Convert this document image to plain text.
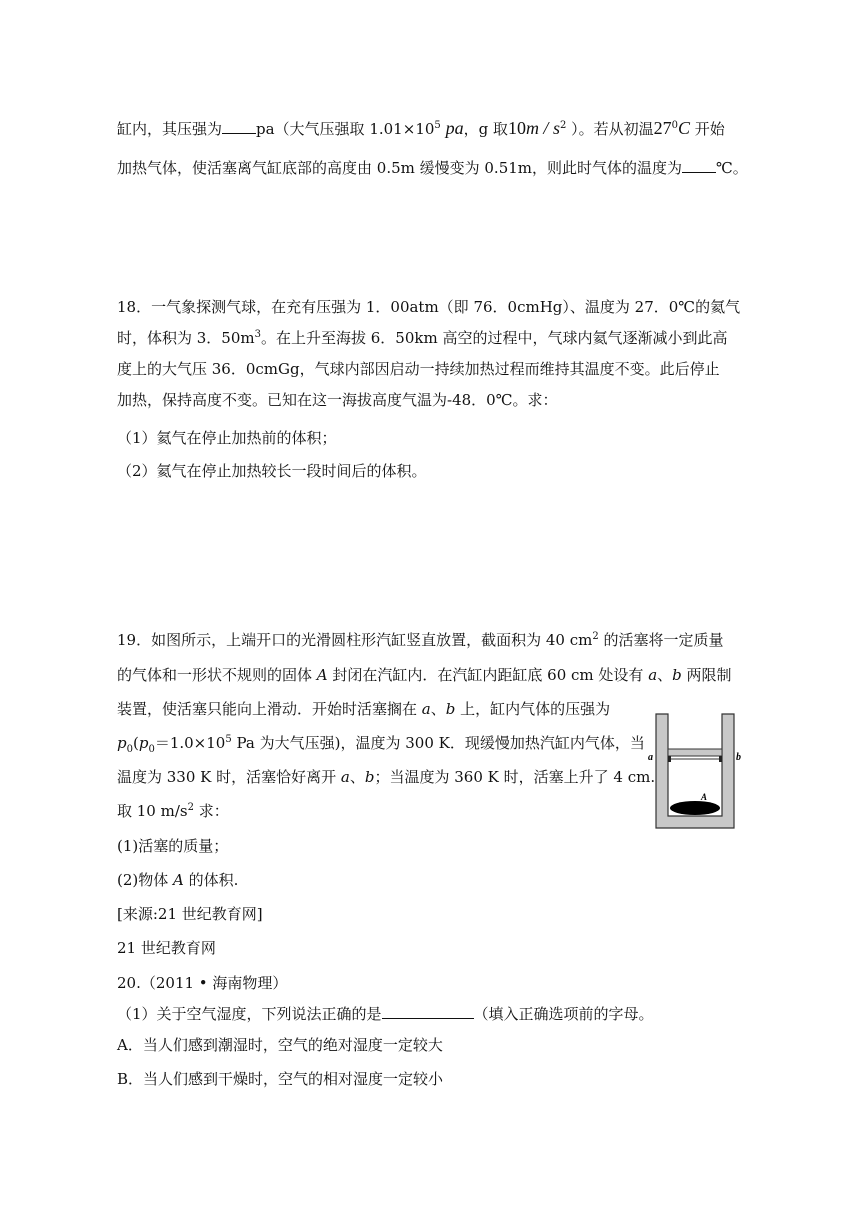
缸内，其压强为 pa（大气压强取 $1.01\times 10^5$ pa，g 取$10m / s^2$ ）。若从初温$27^0C$ 开始
加热气体，使活塞离气缸底部的高度由 0.5m 缓慢变为 0.51m，则此时气体的温度为 ℃。
18．一气象探测气球，在充有压强为 1．00atm（即 76．0cmHg）、温度为 27．0℃的氦气
时，体积为 3．$50m^3$。在上升至海拔 6．50km 高空的过程中，气球内氦气逐渐减小到此高
度上的大气压 36．0cmGg，气球内部因启动一持续加热过程而维持其温度不变。此后停止
加热，保持高度不变。已知在这一海拔高度气温为-48．0℃。求：
（1）氦气在停止加热前的体积；
（2）氦气在停止加热较长一段时间后的体积。
19．如图所示，上端开口的光滑圆柱形汽缸竖直放置，截面积为 40 $cm^2$ 的活塞将一定质量
的气体和一形状不规则的固体 A 封闭在汽缸内．在汽缸内距缸底 60 cm 处设有 a、b 两限制
装置，使活塞只能向上滑动．开始时活塞搁在 a、b 上，缸内气体的压强为
$p_0(p_0=1.0\times 10^5$ Pa 为大气压强)，温度为 300 K．现缓慢加热汽缸内气体，当
温度为 330 K 时，活塞恰好离开 a、b；当温度为 360 K 时，活塞上升了 4 cm.
取 10 $m/s^2$ 求：
(1)活塞的质量；
(2)物体 A 的体积.
[来源:21 世纪教育网]
21 世纪教育网
a	b
A
20.（2011 • 海南物理）
（1）关于空气湿度，下列说法正确的是	（填入正确选项前的字母。
A．当人们感到潮湿时，空气的绝对湿度一定较大
B．当人们感到干燥时，空气的相对湿度一定较小
